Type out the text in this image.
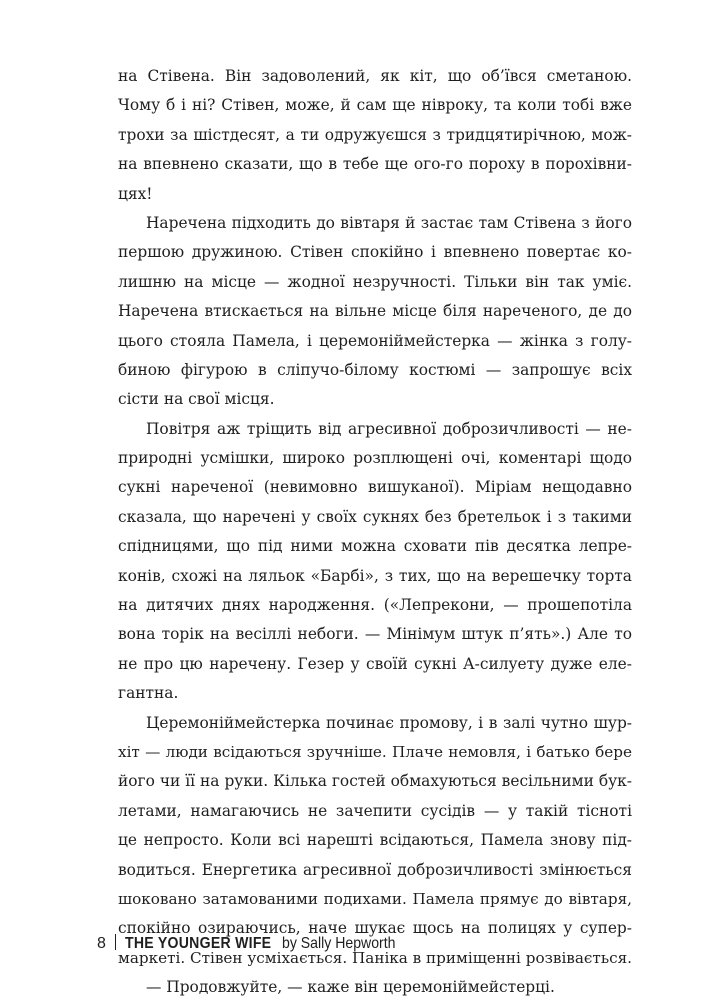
на Стівена. Він задоволений, як кіт, що об’ївся сметаною.
Чому б і ні? Стівен, може, й сам ще нівроку, та коли тобі вже
трохи за шістдесят, а ти одружуєшся з тридцятирічною, мож-
на впевнено сказати, що в тебе ще ого-го пороху в порохівни-
цях!
Наречена підходить до вівтаря й застає там Стівена з його
першою дружиною. Стівен спокійно і впевнено повертає ко-
лишню на місце — жодної незручності. Тільки він так уміє.
Наречена втискається на вільне місце біля нареченого, де до
цього стояла Памела, і церемоніймейстерка — жінка з голу-
биною фігурою в сліпучо-білому костюмі — запрошує всіх
сісти на свої місця.
Повітря аж тріщить від агресивної доброзичливості — не-
природні усмішки, широко розплющені очі, коментарі щодо
сукні нареченої (невимовно вишуканої). Міріам нещодавно
сказала, що наречені у своїх сукнях без бретельок і з такими
спідницями, що під ними можна сховати пів десятка лепре-
конів, схожі на ляльок «Барбі», з тих, що на верешечку торта
на дитячих днях народження. («Лепрекони, — прошепотіла
вона торік на весіллі небоги. — Мінімум штук п’ять».) Але то
не про цю наречену. Гезер у своїй сукні А-силуету дуже еле-
гантна.
Церемоніймейстерка починає промову, і в залі чутно шур-
хіт — люди всідаються зручніше. Плаче немовля, і батько бере
його чи її на руки. Кілька гостей обмахуються весільними бук-
летами, намагаючись не зачепити сусідів — у такій тісноті
це непросто. Коли всі нарешті всідаються, Памела знову під-
водиться. Енергетика агресивної доброзичливості змінюється
шоковано затамованими подихами. Памела прямує до вівтаря,
спокійно озираючись, наче шукає щось на полицях у супер-
маркеті. Стівен усміхається. Паніка в приміщенні розвівається.
— Продовжуйте, — каже він церемоніймейстерці.
8 THE YOUNGER WIFE by Sally Hepworth
